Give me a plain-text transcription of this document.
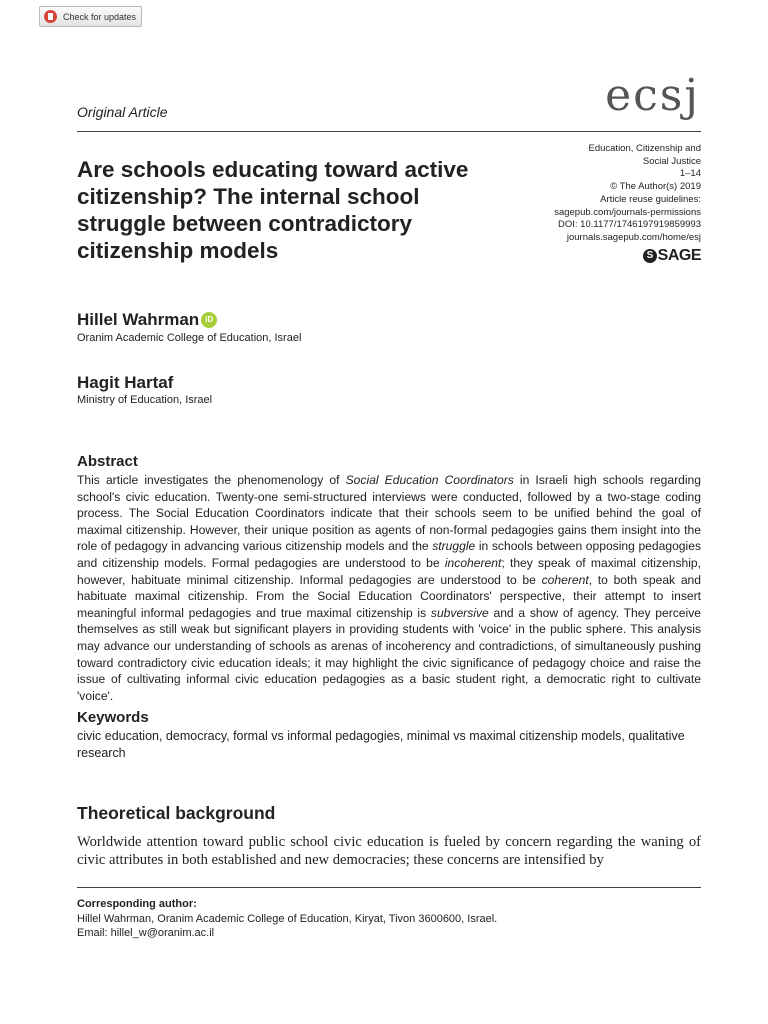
Check for updates
Original Article	ecsj
Are schools educating toward active citizenship? The internal school struggle between contradictory citizenship models
Education, Citizenship and
Social Justice
1–14
© The Author(s) 2019
Article reuse guidelines:
sagepub.com/journals-permissions
DOI: 10.1177/1746197919859993
journals.sagepub.com/home/esj
S SAGE
Hillel Wahrman iD
Oranim Academic College of Education, Israel
Hagit Hartaf
Ministry of Education, Israel
Abstract

This article investigates the phenomenology of Social Education Coordinators in Israeli high schools regarding school's civic education. Twenty-one semi-structured interviews were conducted, followed by a two-stage coding process. The Social Education Coordinators indicate that their schools seem to be unified behind the goal of maximal citizenship. However, their unique position as agents of non-formal pedagogies gains them insight into the role of pedagogy in advancing various citizenship models and the struggle in schools between opposing pedagogies and citizenship models. Formal pedagogies are understood to be incoherent; they speak of maximal citizenship, however, habituate minimal citizenship. Informal pedagogies are understood to be coherent, to both speak and habituate maximal citizenship. From the Social Education Coordinators' perspective, their attempt to insert meaningful informal pedagogies and true maximal citizenship is subversive and a show of agency. They perceive themselves as still weak but significant players in providing students with 'voice' in the public sphere. This analysis may advance our understanding of schools as arenas of incoherency and contradictions, of simultaneously pushing toward contradictory civic education ideals; it may highlight the civic significance of pedagogy choice and raise the issue of cultivating informal civic education pedagogies as a basic student right, a democratic right to cultivate 'voice'.

Keywords

civic education, democracy, formal vs informal pedagogies, minimal vs maximal citizenship models, qualitative research

Theoretical background

Worldwide attention toward public school civic education is fueled by concern regarding the waning of civic attributes in both established and new democracies; these concerns are intensified by

Corresponding author:
Hillel Wahrman, Oranim Academic College of Education, Kiryat, Tivon 3600600, Israel.
Email: hillel_w@oranim.ac.il
